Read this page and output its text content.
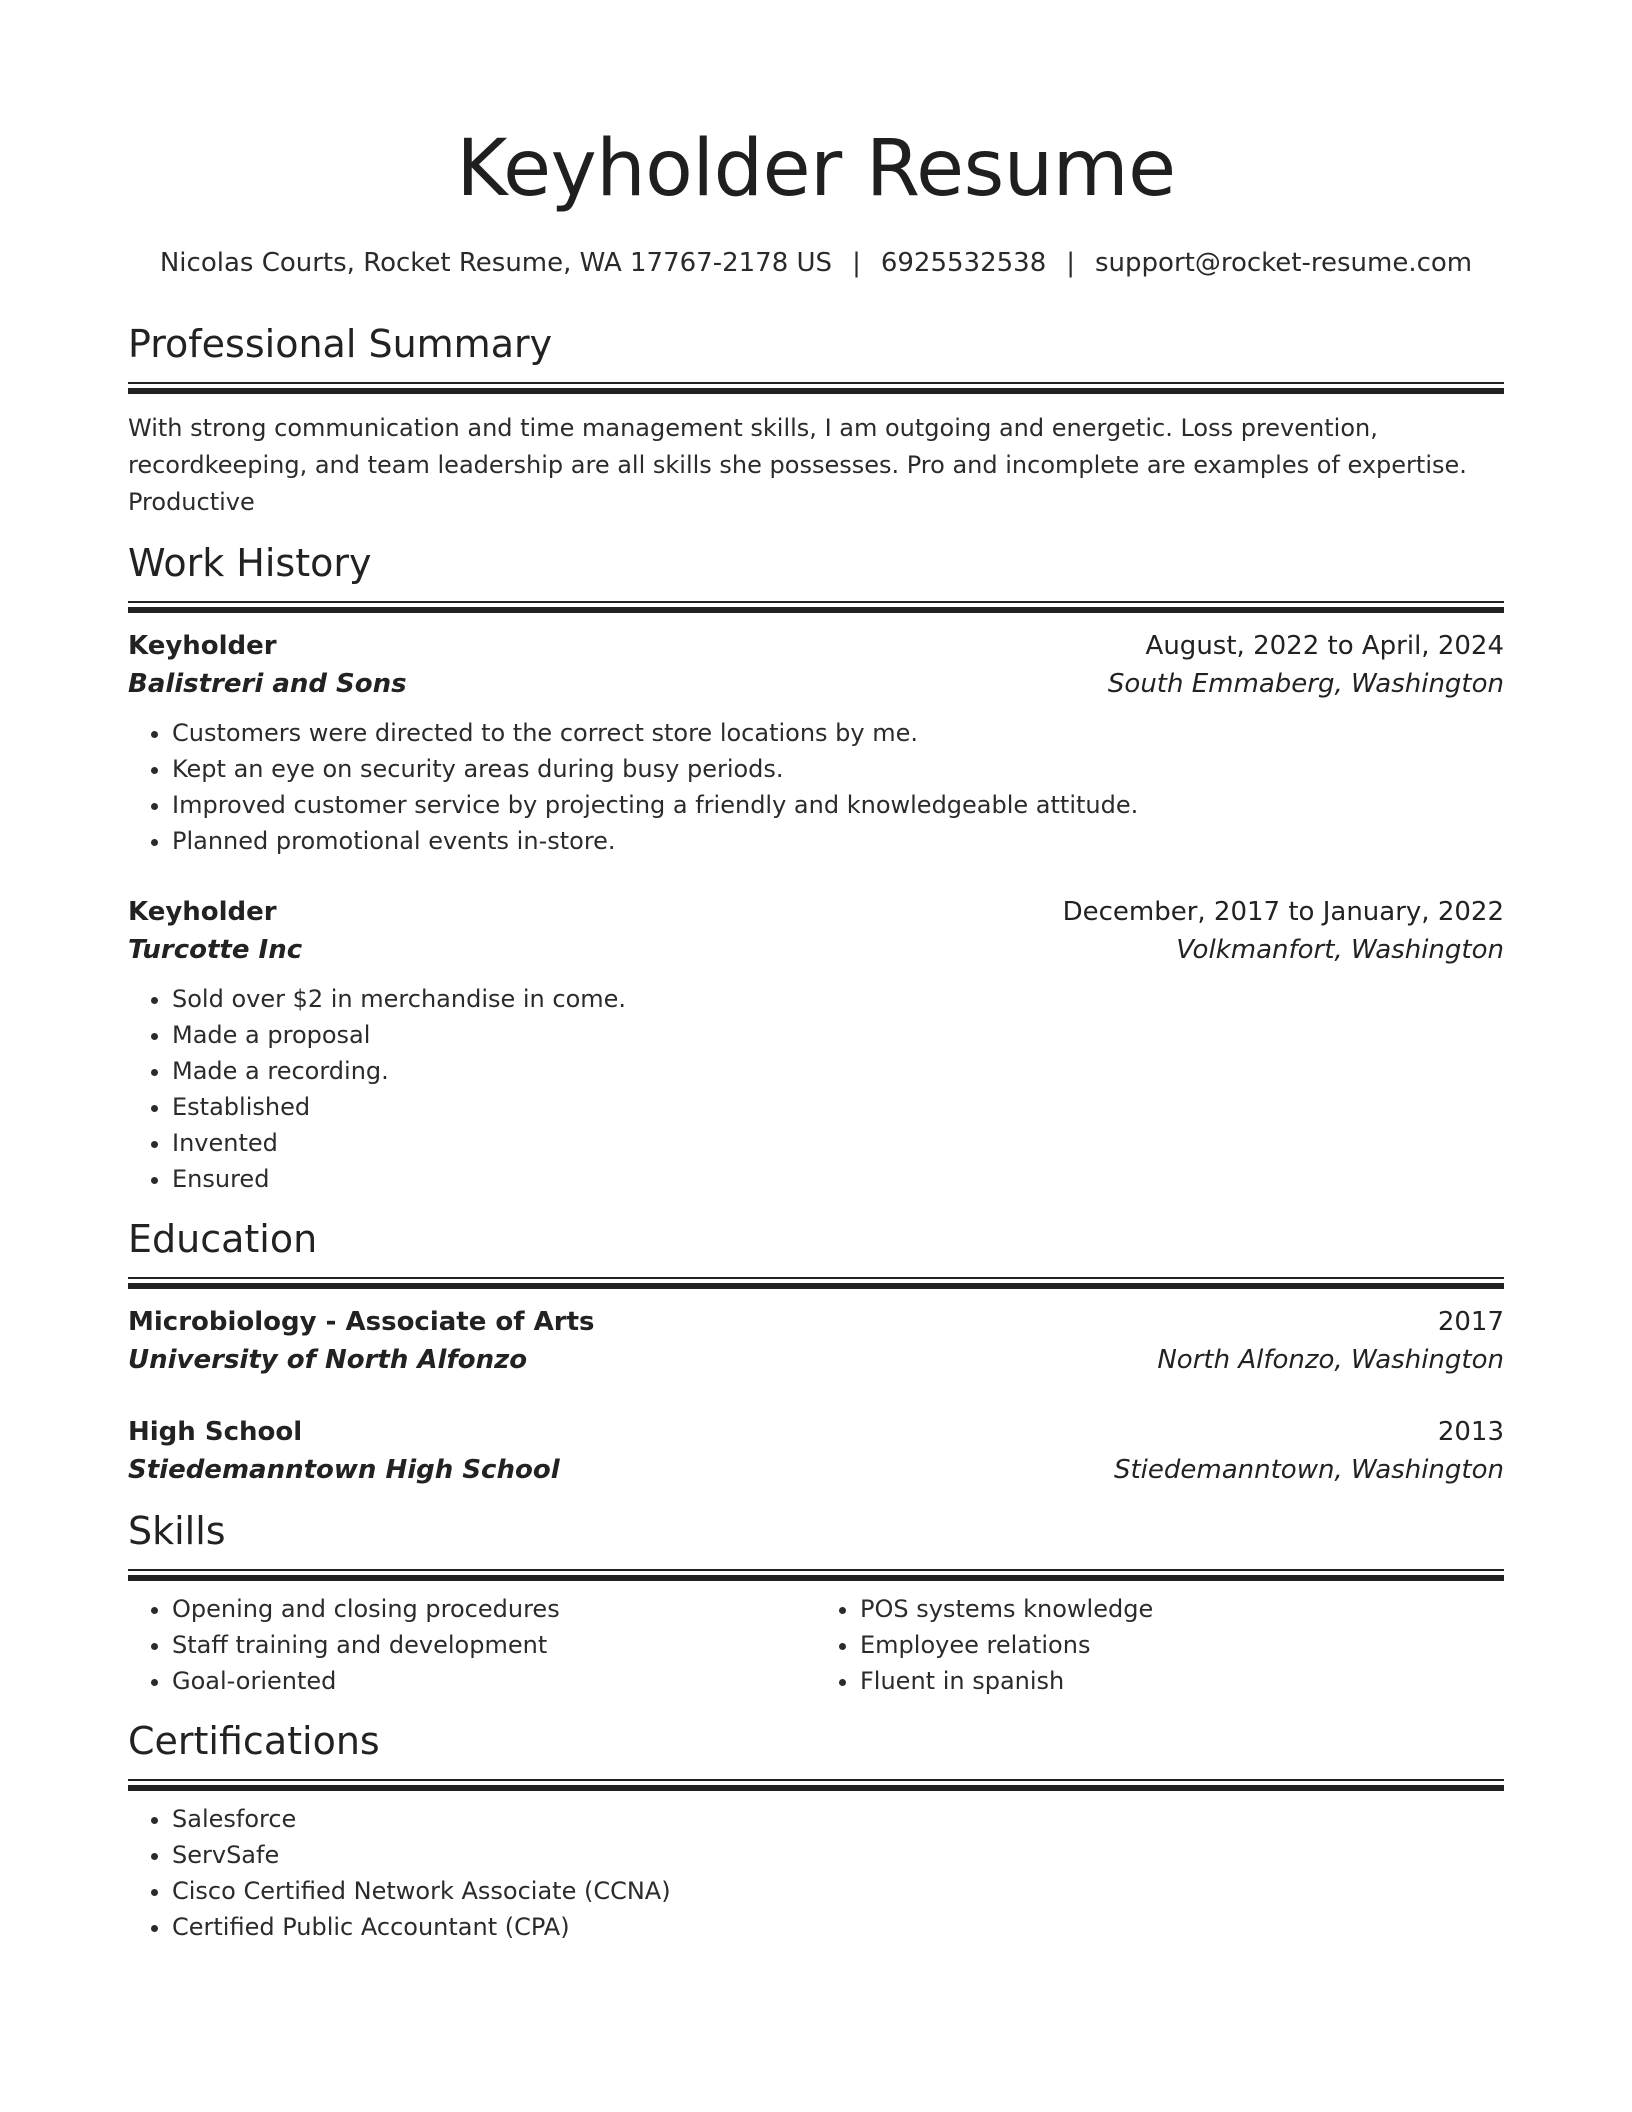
Keyholder Resume
Nicolas Courts, Rocket Resume, WA 17767-2178 US | 6925532538 | support@rocket-resume.com
Professional Summary
With strong communication and time management skills, I am outgoing and energetic. Loss prevention, recordkeeping, and team leadership are all skills she possesses. Pro and incomplete are examples of expertise. Productive
Work History
Keyholder	August, 2022 to April, 2024
Balistreri and Sons	South Emmaberg, Washington
• Customers were directed to the correct store locations by me.
• Kept an eye on security areas during busy periods.
• Improved customer service by projecting a friendly and knowledgeable attitude.
• Planned promotional events in-store.
Keyholder	December, 2017 to January, 2022
Turcotte Inc	Volkmanfort, Washington
• Sold over $2 in merchandise in come.
• Made a proposal
• Made a recording.
• Established
• Invented
• Ensured
Education
Microbiology - Associate of Arts	2017
University of North Alfonzo	North Alfonzo, Washington
High School	2013
Stiedemanntown High School	Stiedemanntown, Washington
Skills
• Opening and closing procedures
• Staff training and development
• Goal-oriented
• POS systems knowledge
• Employee relations
• Fluent in spanish
Certifications
• Salesforce
• ServSafe
• Cisco Certified Network Associate (CCNA)
• Certified Public Accountant (CPA)
